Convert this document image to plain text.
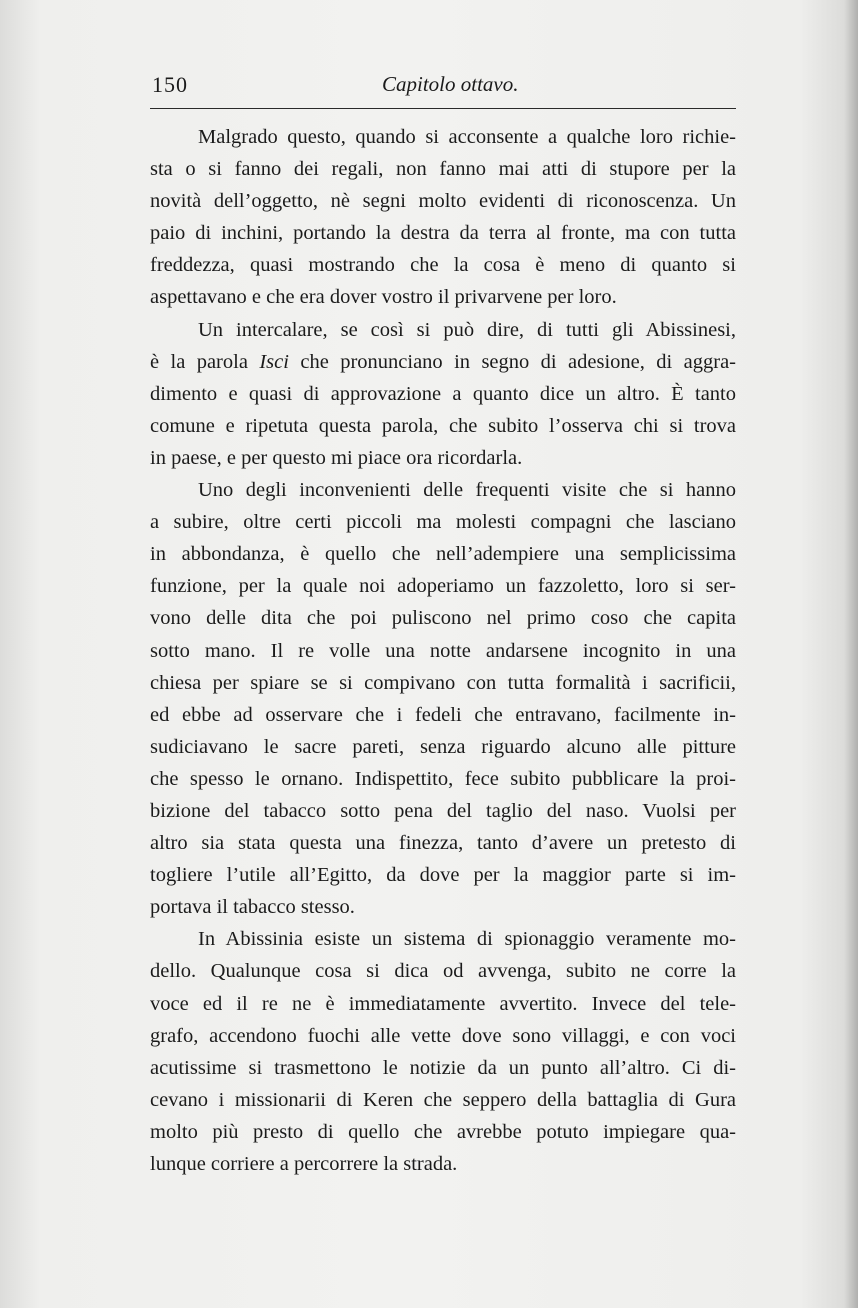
150	Capitolo ottavo.
Malgrado questo, quando si acconsente a qualche loro richie-
sta o si fanno dei regali, non fanno mai atti di stupore per la
novità dell’oggetto, nè segni molto evidenti di riconoscenza. Un
paio di inchini, portando la destra da terra al fronte, ma con tutta
freddezza, quasi mostrando che la cosa è meno di quanto si
aspettavano e che era dover vostro il privarvene per loro.
Un intercalare, se così si può dire, di tutti gli Abissinesi,
è la parola Isci che pronunciano in segno di adesione, di aggra-
dimento e quasi di approvazione a quanto dice un altro. È tanto
comune e ripetuta questa parola, che subito l’osserva chi si trova
in paese, e per questo mi piace ora ricordarla.
Uno degli inconvenienti delle frequenti visite che si hanno
a subire, oltre certi piccoli ma molesti compagni che lasciano
in abbondanza, è quello che nell’adempiere una semplicissima
funzione, per la quale noi adoperiamo un fazzoletto, loro si ser-
vono delle dita che poi puliscono nel primo coso che capita
sotto mano. Il re volle una notte andarsene incognito in una
chiesa per spiare se si compivano con tutta formalità i sacrificii,
ed ebbe ad osservare che i fedeli che entravano, facilmente in-
sudiciavano le sacre pareti, senza riguardo alcuno alle pitture
che spesso le ornano. Indispettito, fece subito pubblicare la proi-
bizione del tabacco sotto pena del taglio del naso. Vuolsi per
altro sia stata questa una finezza, tanto d’avere un pretesto di
togliere l’utile all’Egitto, da dove per la maggior parte si im-
portava il tabacco stesso.
In Abissinia esiste un sistema di spionaggio veramente mo-
dello. Qualunque cosa si dica od avvenga, subito ne corre la
voce ed il re ne è immediatamente avvertito. Invece del tele-
grafo, accendono fuochi alle vette dove sono villaggi, e con voci
acutissime si trasmettono le notizie da un punto all’altro. Ci di-
cevano i missionarii di Keren che seppero della battaglia di Gura
molto più presto di quello che avrebbe potuto impiegare qua-
lunque corriere a percorrere la strada.
